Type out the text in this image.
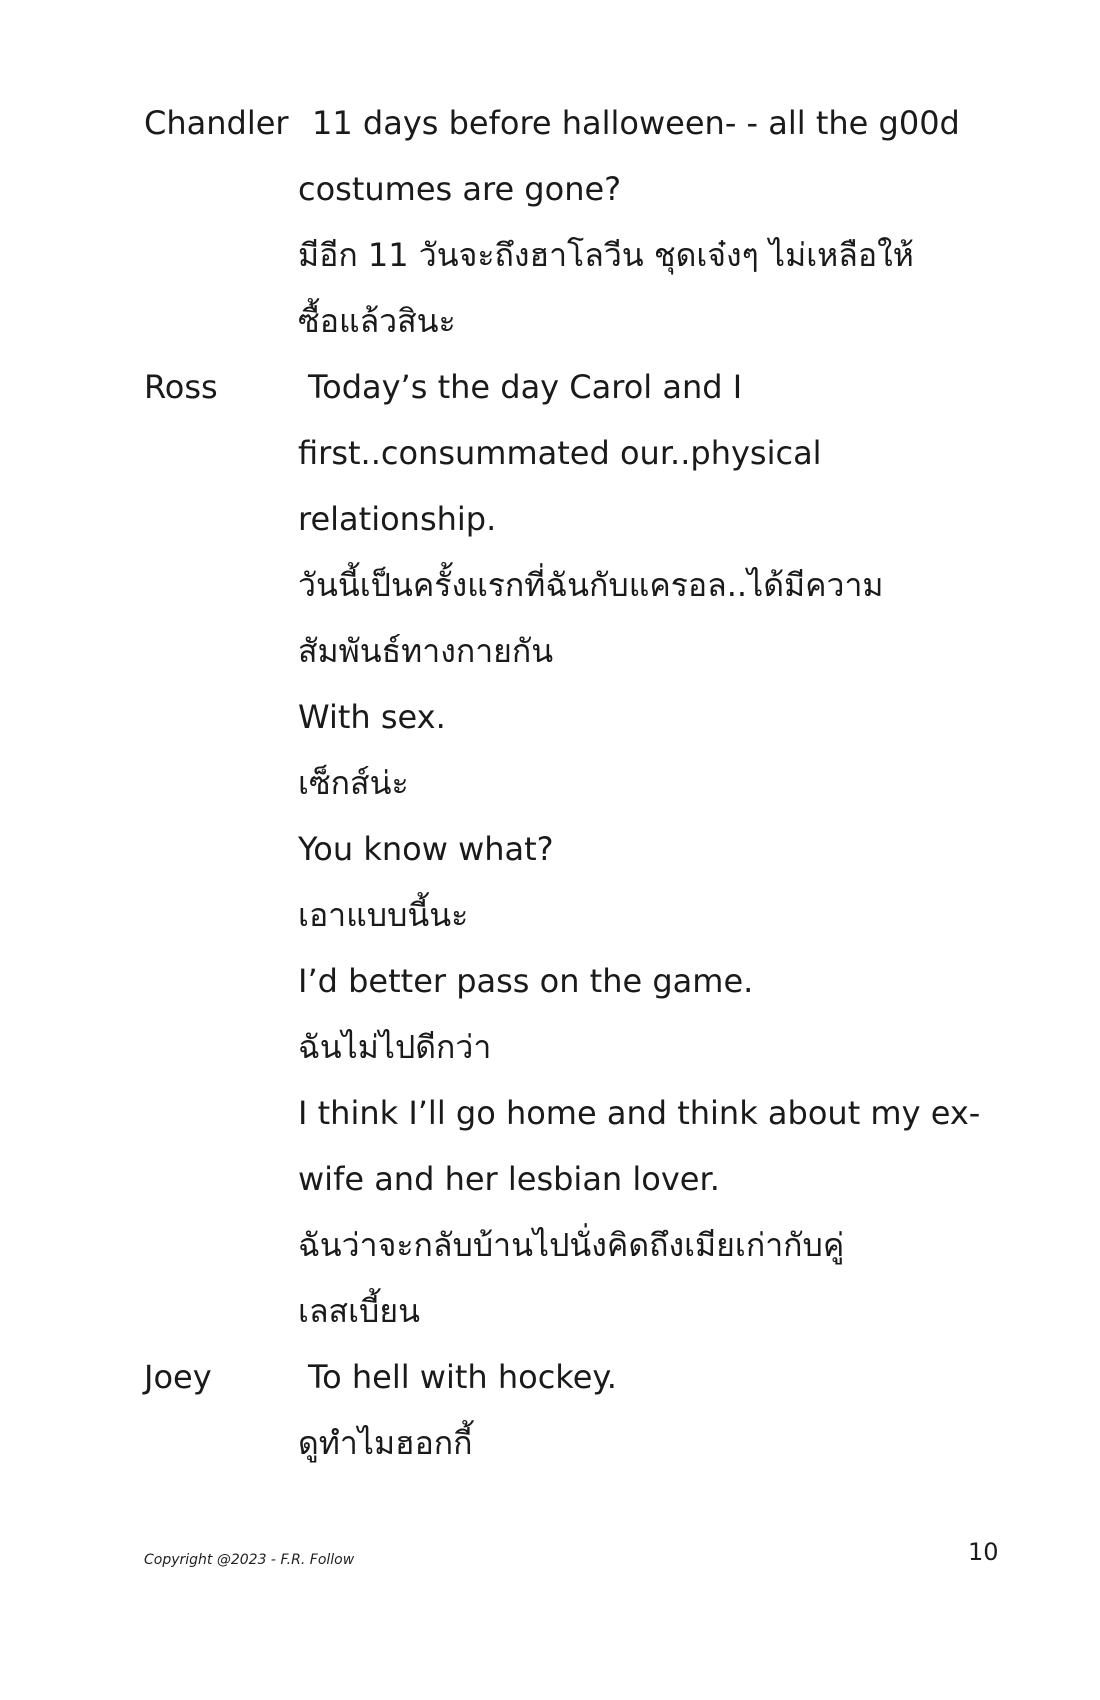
Chandler 11 days before halloween- - all the g00d
costumes are gone?
มีอีก 11 วันจะถึงฮาโลวีน ชุดเจ๋งๆ ไม่เหลือให้
ซื้อแล้วสินะ
Ross	Today’s the day Carol and I
first..consummated our..physical
relationship.
วันนี้เป็นครั้งแรกที่ฉันกับแครอล..ได้มีความ
สัมพันธ์ทางกายกัน
With sex.
เซ็กส์น่ะ
You know what?
เอาแบบนี้นะ
I’d better pass on the game.
ฉันไม่ไปดีกว่า
I think I’ll go home and think about my ex-
wife and her lesbian lover.
ฉันว่าจะกลับบ้านไปนั่งคิดถึงเมียเก่ากับคู่
เลสเบี้ยน
Joey	To hell with hockey.
ดูทำไมฮอกกี้
Copyright @2023 - F.R. Follow	10
